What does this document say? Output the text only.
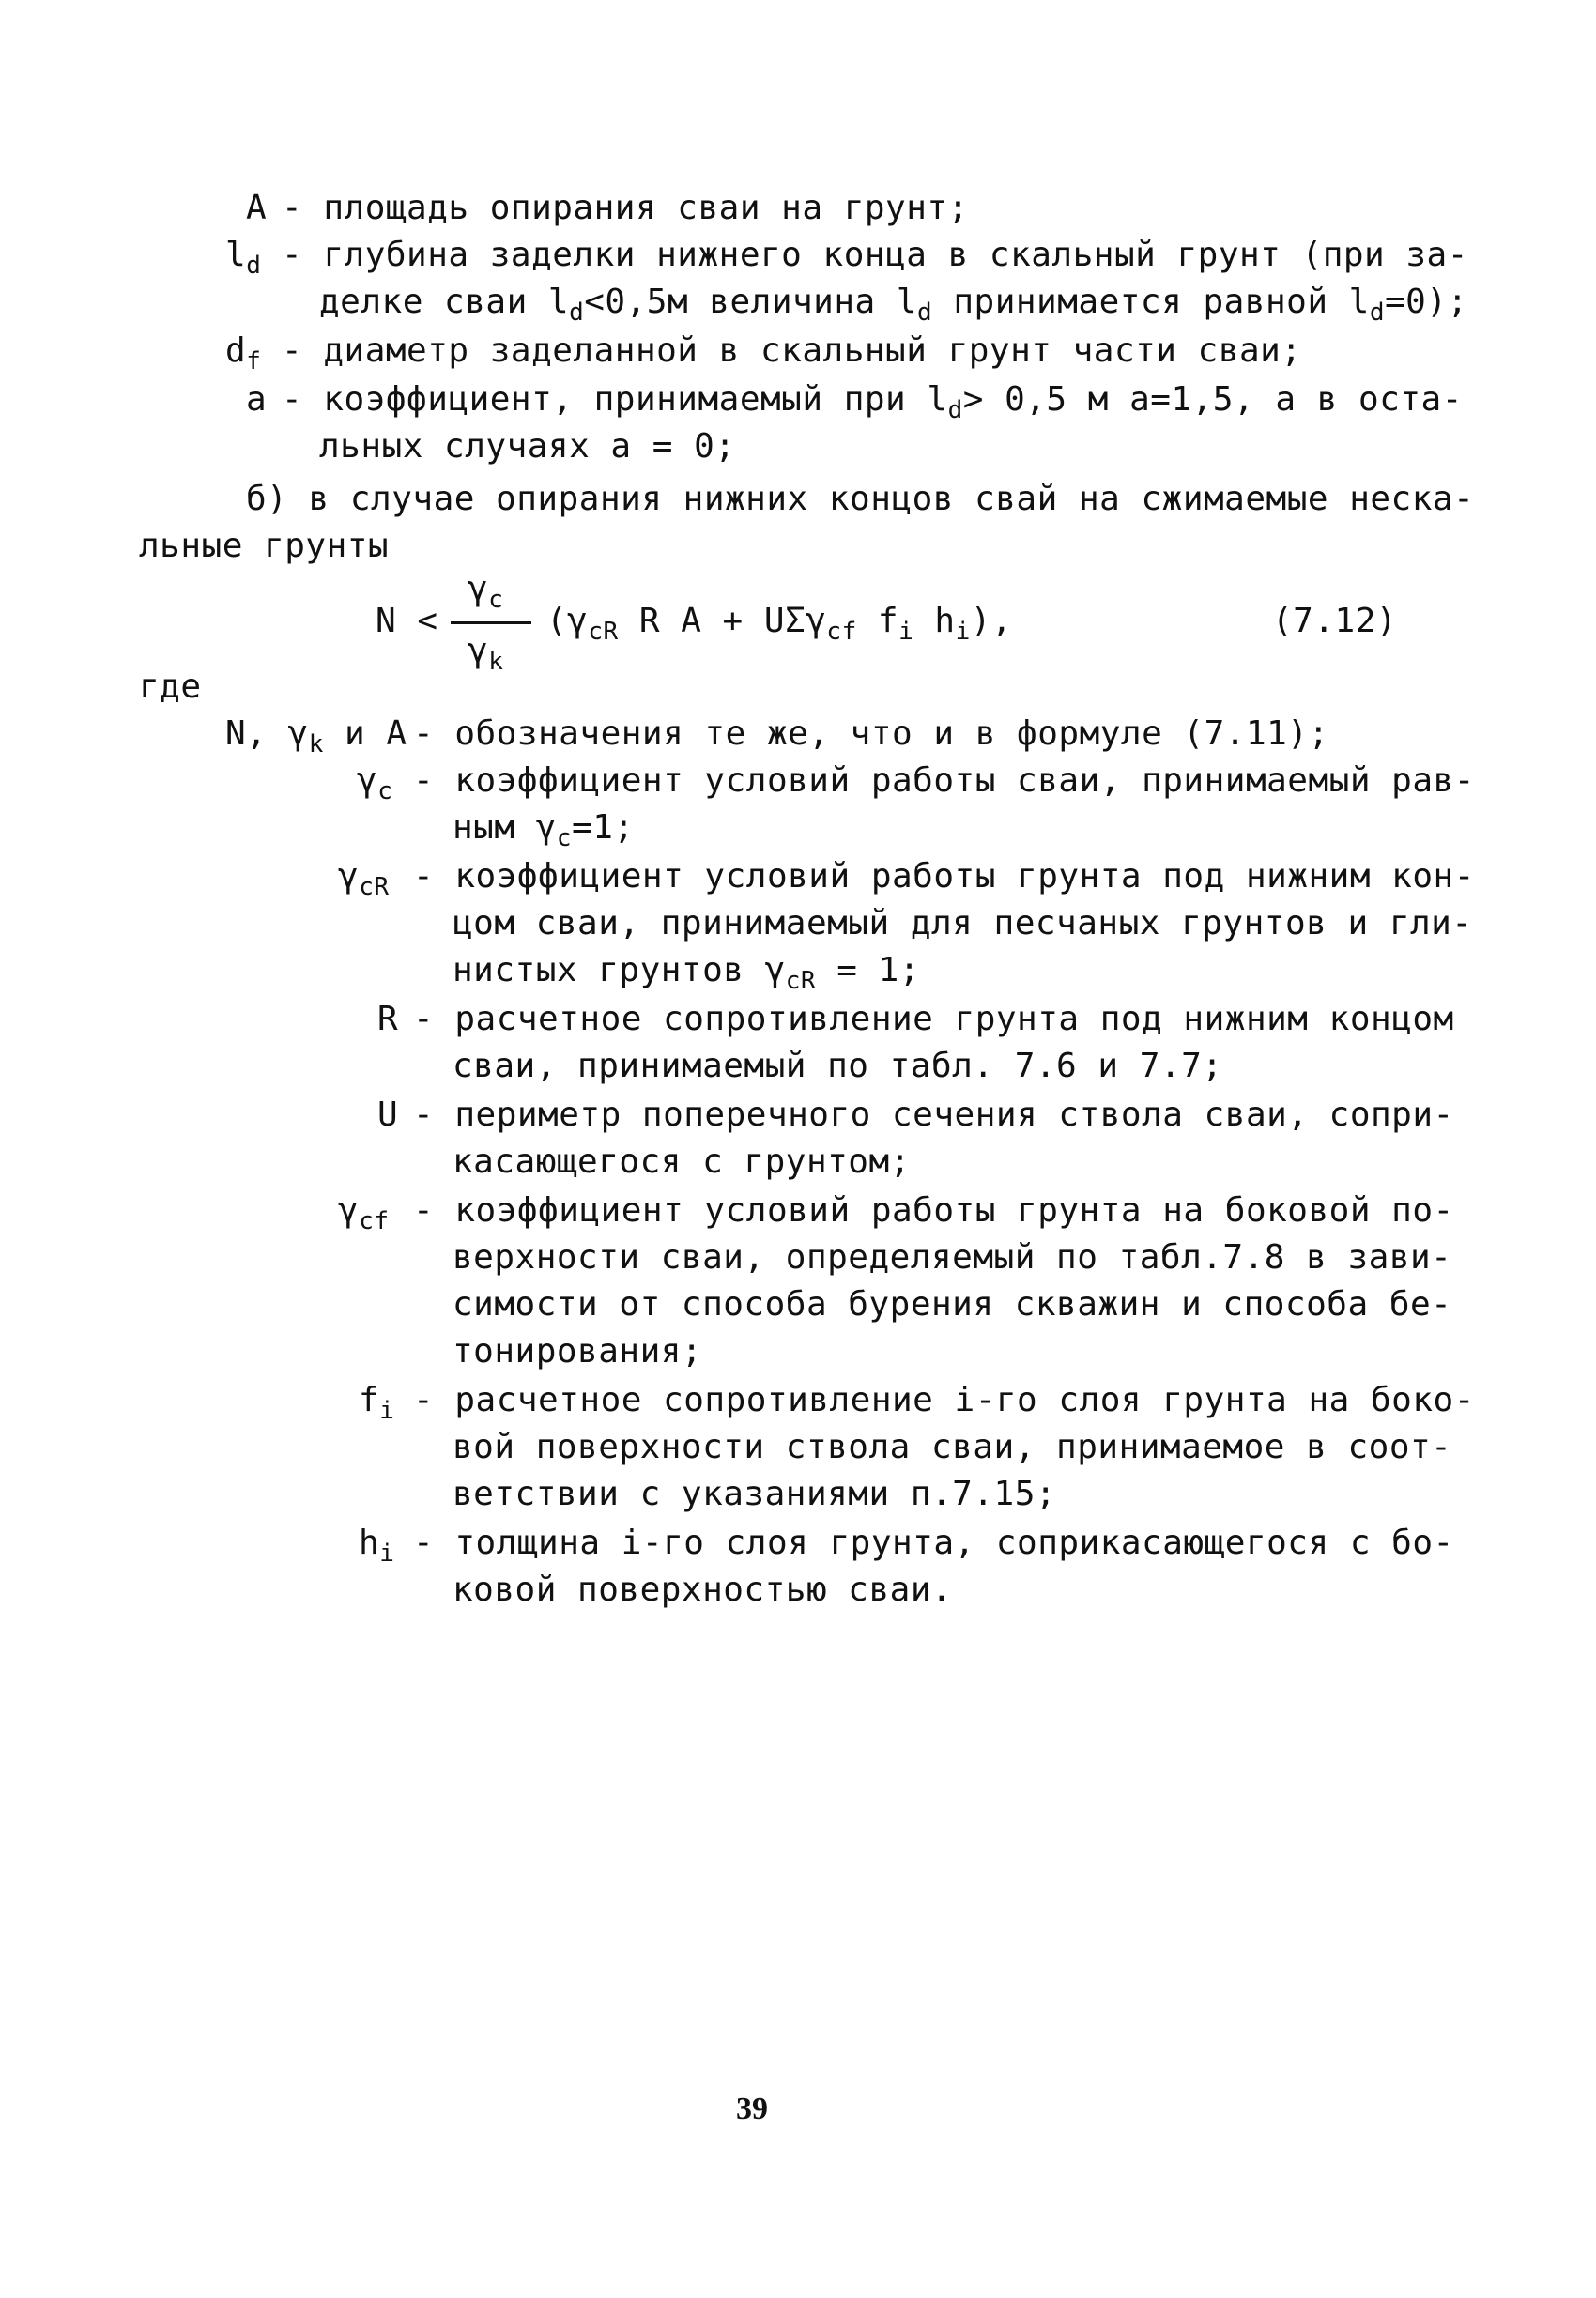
А - площадь опирания сваи на грунт;
$l_d$ - глубина заделки нижнего конца в скальный грунт (при за-
делке сваи $l_d<0,5м$ величина $l_d$ принимается равной $l_d=0$);
$d_f$ - диаметр заделанной в скальный грунт части сваи;
a - коэффициент, принимаемый при $l_d> 0,5$ м а=1,5, а в оста-
льных случаях а = 0;
б) в случае опирания нижних концов свай на сжимаемые неска-
льные грунты
N <
$\gamma_c$
$\gamma_k$
($\gamma_{cR}$ R A + UΣγ$_{cf}$ $f_i$ $h_i$),	(7.12)
где
N, $\gamma_k$ и А - обозначения те же, что и в формуле (7.11);
$\gamma_c$ - коэффициент условий работы сваи, принимаемый рав-
ным $\gamma_c=1$;
$\gamma_{cR}$ - коэффициент условий работы грунта под нижним кон-
цом сваи, принимаемый для песчаных грунтов и гли-
нистых грунтов $\gamma_{cR} = 1$;
R - расчетное сопротивление грунта под нижним концом
сваи, принимаемый по табл. 7.6 и 7.7;
U - периметр поперечного сечения ствола сваи, сопри-
касающегося с грунтом;
$\gamma_{cf}$ - коэффициент условий работы грунта на боковой по-
верхности сваи, определяемый по табл.7.8 в зави-
симости от способа бурения скважин и способа бе-
тонирования;
$f_i$ - расчетное сопротивление i-го слоя грунта на боко-
вой поверхности ствола сваи, принимаемое в соот-
ветствии с указаниями п.7.15;
$h_i$ - толщина i-го слоя грунта, соприкасающегося с бо-
ковой поверхностью сваи.
39
